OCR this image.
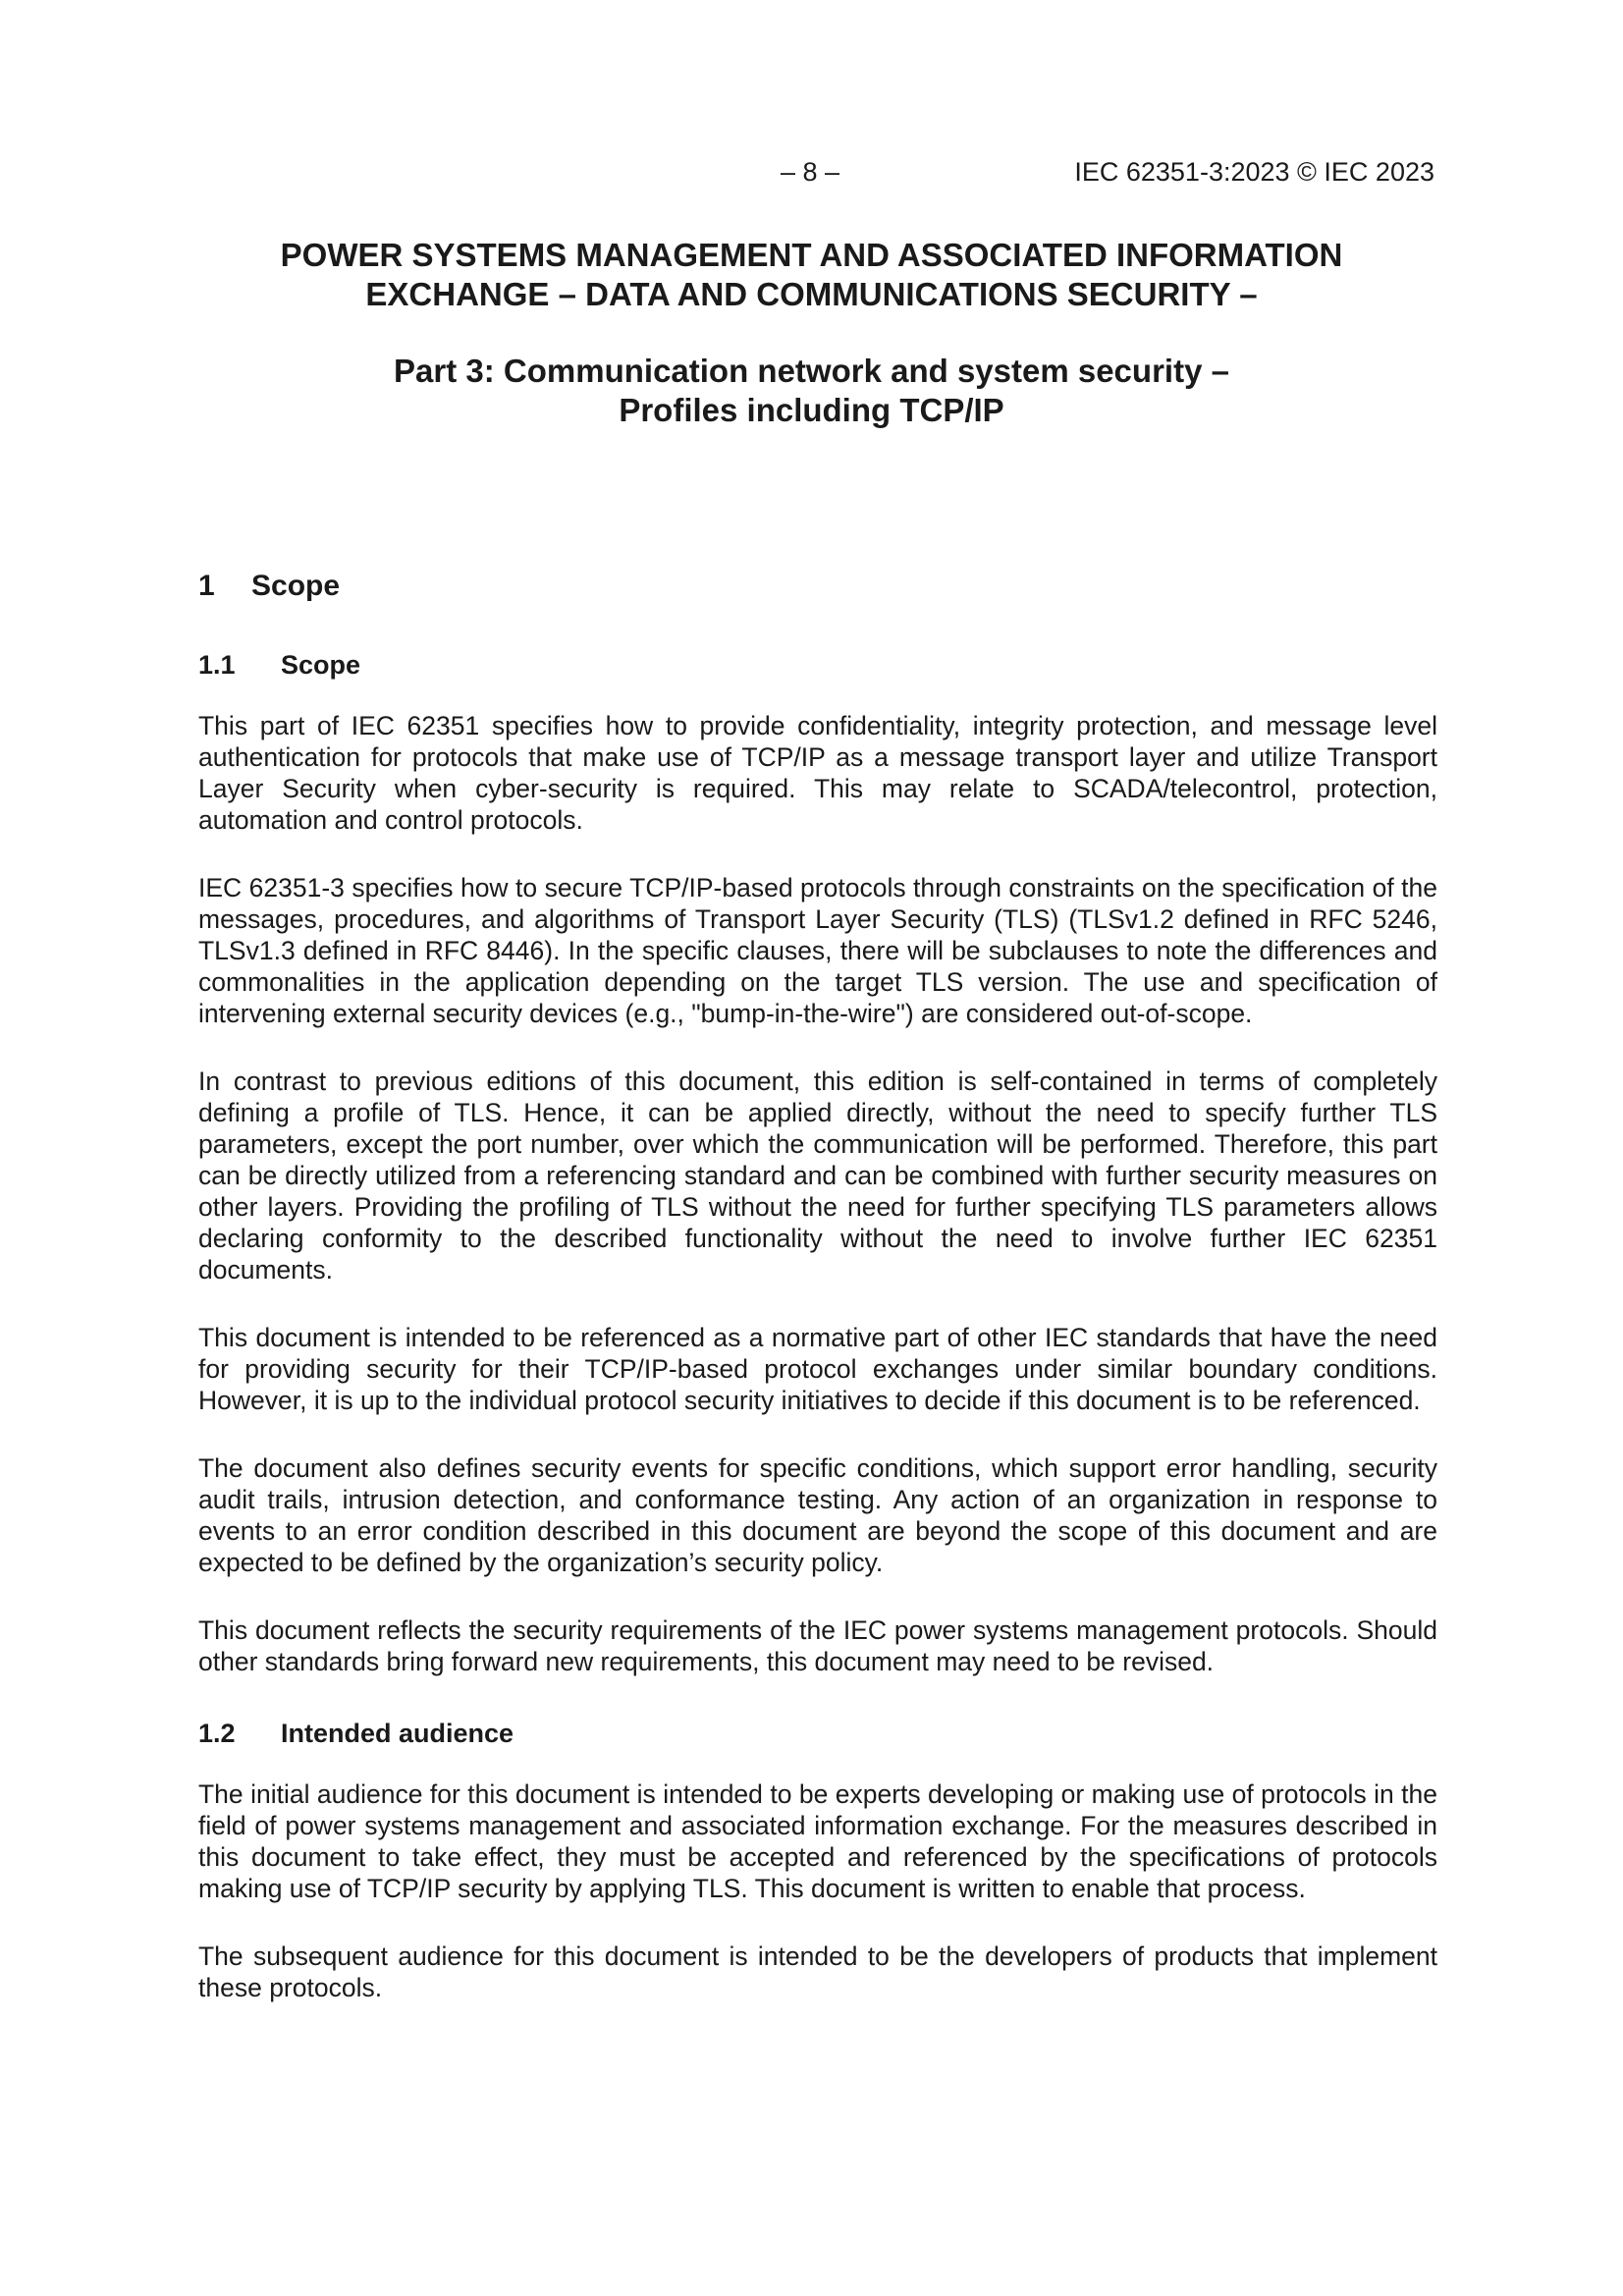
– 8 –	IEC 62351-3:2023 © IEC 2023
POWER SYSTEMS MANAGEMENT AND ASSOCIATED INFORMATION
EXCHANGE – DATA AND COMMUNICATIONS SECURITY –
Part 3: Communication network and system security –
Profiles including TCP/IP
1	Scope
1.1	Scope

This part of IEC 62351 specifies how to provide confidentiality, integrity protection, and message level authentication for protocols that make use of TCP/IP as a message transport layer and utilize Transport Layer Security when cyber-security is required. This may relate to SCADA/telecontrol, protection, automation and control protocols.

IEC 62351-3 specifies how to secure TCP/IP-based protocols through constraints on the specification of the messages, procedures, and algorithms of Transport Layer Security (TLS) (TLSv1.2 defined in RFC 5246, TLSv1.3 defined in RFC 8446). In the specific clauses, there will be subclauses to note the differences and commonalities in the application depending on the target TLS version. The use and specification of intervening external security devices (e.g., "bump-in-the-wire") are considered out-of-scope.

In contrast to previous editions of this document, this edition is self-contained in terms of completely defining a profile of TLS. Hence, it can be applied directly, without the need to specify further TLS parameters, except the port number, over which the communication will be performed. Therefore, this part can be directly utilized from a referencing standard and can be combined with further security measures on other layers. Providing the profiling of TLS without the need for further specifying TLS parameters allows declaring conformity to the described functionality without the need to involve further IEC 62351 documents.

This document is intended to be referenced as a normative part of other IEC standards that have the need for providing security for their TCP/IP-based protocol exchanges under similar boundary conditions. However, it is up to the individual protocol security initiatives to decide if this document is to be referenced.

The document also defines security events for specific conditions, which support error handling, security audit trails, intrusion detection, and conformance testing. Any action of an organization in response to events to an error condition described in this document are beyond the scope of this document and are expected to be defined by the organization’s security policy.

This document reflects the security requirements of the IEC power systems management protocols. Should other standards bring forward new requirements, this document may need to be revised.

1.2	Intended audience

The initial audience for this document is intended to be experts developing or making use of protocols in the field of power systems management and associated information exchange. For the measures described in this document to take effect, they must be accepted and referenced by the specifications of protocols making use of TCP/IP security by applying TLS. This document is written to enable that process.

The subsequent audience for this document is intended to be the developers of products that implement these protocols.
